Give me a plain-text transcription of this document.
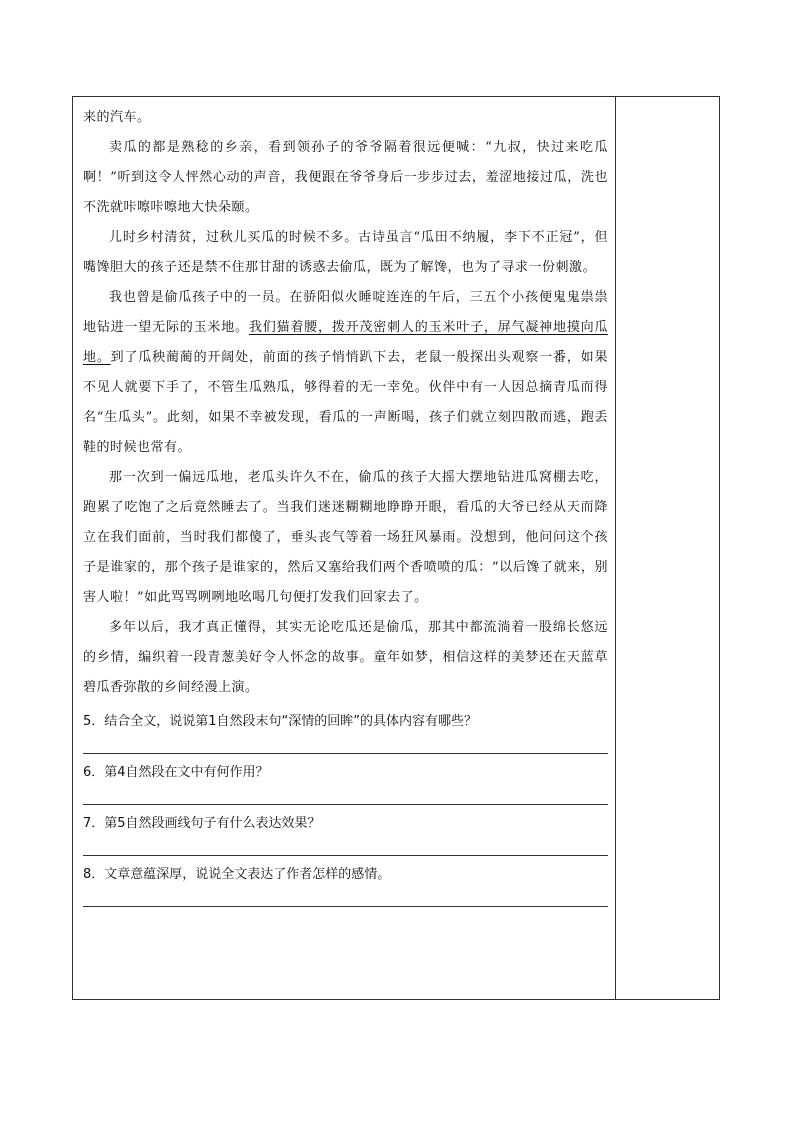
来的汽车。

卖瓜的都是熟稔的乡亲，看到领孙子的爷爷隔着很远便喊：“九叔，快过来吃瓜啊！”听到这令人怦然心动的声音，我便跟在爷爷身后一步步过去，羞涩地接过瓜，洗也不洗就咔嚓咔嚓地大快朵颐。

儿时乡村清贫，过秋儿买瓜的时候不多。古诗虽言“瓜田不纳履，李下不正冠”，但嘴馋胆大的孩子还是禁不住那甘甜的诱惑去偷瓜，既为了解馋，也为了寻求一份刺激。

我也曾是偷瓜孩子中的一员。在骄阳似火睡啶连连的午后，三五个小孩便鬼鬼祟祟地钻进一望无际的玉米地。我们猫着腰，拨开茂密刺人的玉米叶子，屏气凝神地摸向瓜地。到了瓜秧蔺蔺的开阔处，前面的孩子悄悄趴下去，老鼠一般探出头观察一番，如果不见人就要下手了，不管生瓜熟瓜，够得着的无一幸免。伙伴中有一人因总摘青瓜而得名“生瓜头”。此刻，如果不幸被发现，看瓜的一声断喝，孩子们就立刻四散而逃，跑丢鞋的时候也常有。

那一次到一偏远瓜地，老瓜头许久不在，偷瓜的孩子大摇大摆地钻进瓜窝棚去吃，跑累了吃饱了之后竟然睡去了。当我们迷迷糊糊地睁睁开眼，看瓜的大爷已经从天而降立在我们面前，当时我们都傻了，垂头丧气等着一场狂风暴雨。没想到，他问问这个孩子是谁家的，那个孩子是谁家的，然后又塞给我们两个香喷喷的瓜：“以后馋了就来，别害人啦！”如此骂骂咧咧地吆喝几句便打发我们回家去了。

多年以后，我才真正懂得，其实无论吃瓜还是偷瓜，那其中都流淌着一股绵长悠远的乡情，编织着一段青葱美好令人怀念的故事。童年如梦，相信这样的美梦还在天蓝草碧瓜香弥散的乡间经漫上演。

5．结合全文，说说第1自然段末句“深情的回眸”的具体内容有哪些？

6．第4自然段在文中有何作用？

7．第5自然段画线句子有什么表达效果？

8．文章意蕴深厚，说说全文表达了作者怎样的感情。
